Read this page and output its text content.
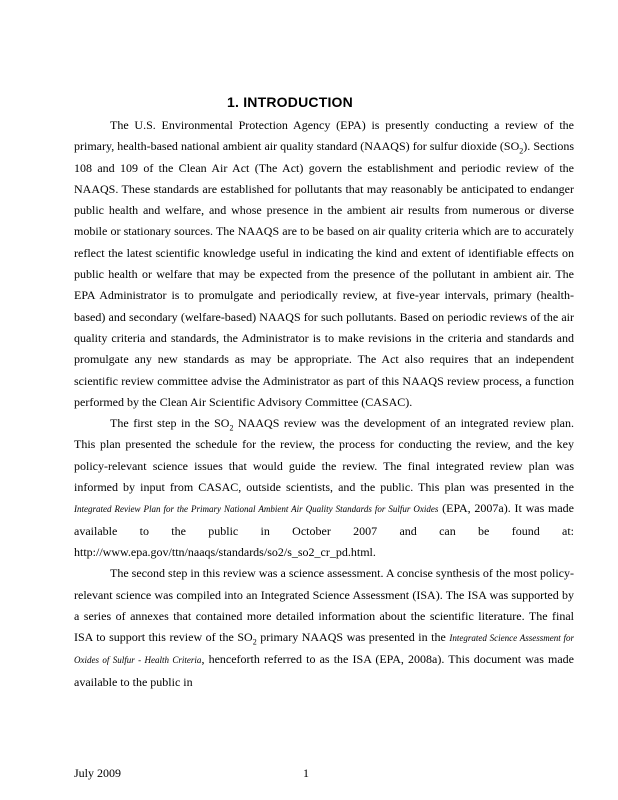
1. INTRODUCTION

The U.S. Environmental Protection Agency (EPA) is presently conducting a review of the primary, health-based national ambient air quality standard (NAAQS) for sulfur dioxide $(SO_2)$. Sections 108 and 109 of the Clean Air Act (The Act) govern the establishment and periodic review of the NAAQS. These standards are established for pollutants that may reasonably be anticipated to endanger public health and welfare, and whose presence in the ambient air results from numerous or diverse mobile or stationary sources. The NAAQS are to be based on air quality criteria which are to accurately reflect the latest scientific knowledge useful in indicating the kind and extent of identifiable effects on public health or welfare that may be expected from the presence of the pollutant in ambient air. The EPA Administrator is to promulgate and periodically review, at five-year intervals, primary (health-based) and secondary (welfare-based) NAAQS for such pollutants. Based on periodic reviews of the air quality criteria and standards, the Administrator is to make revisions in the criteria and standards and promulgate any new standards as may be appropriate. The Act also requires that an independent scientific review committee advise the Administrator as part of this NAAQS review process, a function performed by the Clean Air Scientific Advisory Committee (CASAC).

The first step in the $SO_2$ NAAQS review was the development of an integrated review plan. This plan presented the schedule for the review, the process for conducting the review, and the key policy-relevant science issues that would guide the review. The final integrated review plan was informed by input from CASAC, outside scientists, and the public. This plan was presented in the Integrated Review Plan for the Primary National Ambient Air Quality Standards for Sulfur Oxides (EPA, 2007a). It was made available to the public in October 2007 and can be found at: http://www.epa.gov/ttn/naaqs/standards/so2/s_so2_cr_pd.html.

The second step in this review was a science assessment. A concise synthesis of the most policy-relevant science was compiled into an Integrated Science Assessment (ISA). The ISA was supported by a series of annexes that contained more detailed information about the scientific literature. The final ISA to support this review of the $SO_2$ primary NAAQS was presented in the Integrated Science Assessment for Oxides of Sulfur - Health Criteria, henceforth referred to as the ISA (EPA, 2008a). This document was made available to the public in

July 2009	1
